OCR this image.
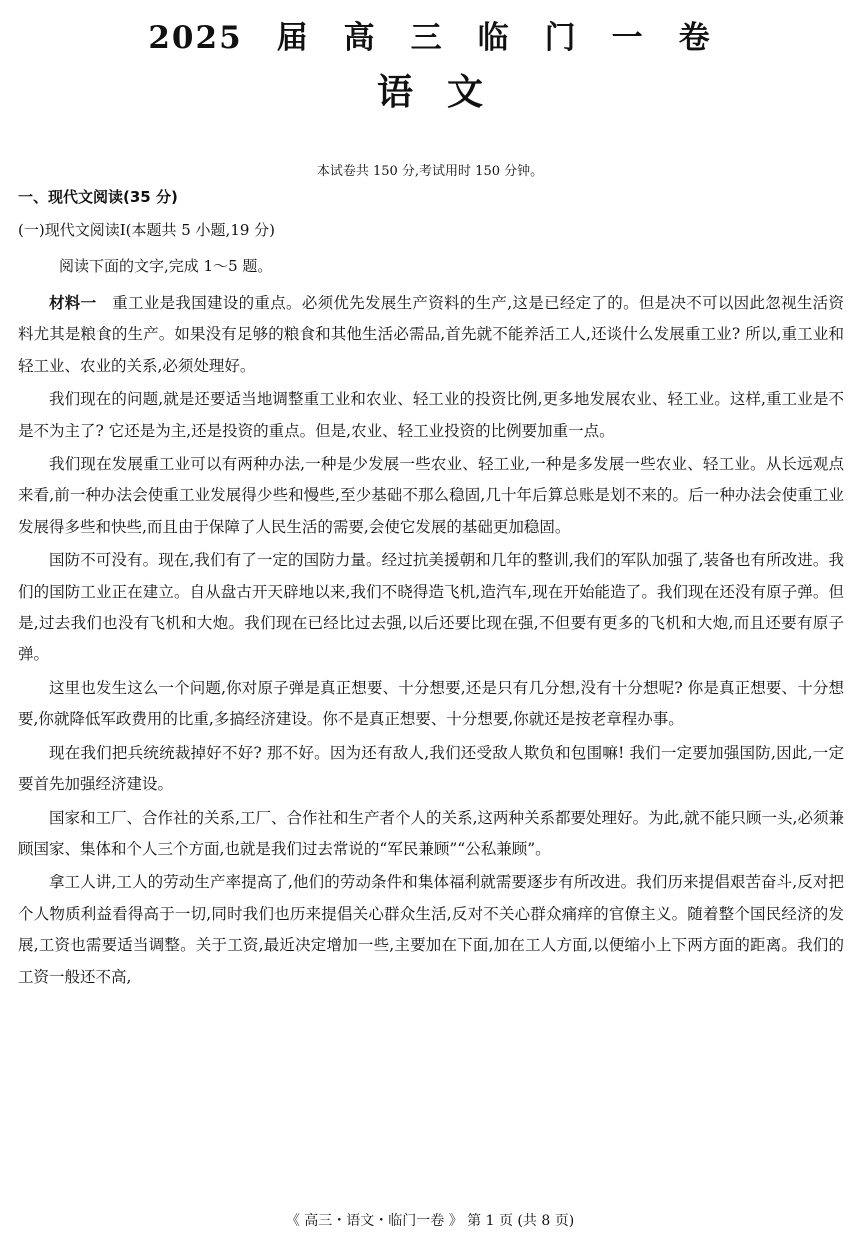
2025 届 高 三 临 门 一 卷
语 文
本试卷共 150 分,考试用时 150 分钟。
一、现代文阅读(35 分)
(一)现代文阅读Ⅰ(本题共 5 小题,19 分)
阅读下面的文字,完成 1～5 题。

材料一　 重工业是我国建设的重点。必须优先发展生产资料的生产,这是已经定了的。但是决不可以因此忽视生活资料尤其是粮食的生产。如果没有足够的粮食和其他生活必需品,首先就不能养活工人,还谈什么发展重工业? 所以,重工业和轻工业、农业的关系,必须处理好。

我们现在的问题,就是还要适当地调整重工业和农业、轻工业的投资比例,更多地发展农业、轻工业。这样,重工业是不是不为主了? 它还是为主,还是投资的重点。但是,农业、轻工业投资的比例要加重一点。

我们现在发展重工业可以有两种办法,一种是少发展一些农业、轻工业,一种是多发展一些农业、轻工业。从长远观点来看,前一种办法会使重工业发展得少些和慢些,至少基础不那么稳固,几十年后算总账是划不来的。后一种办法会使重工业发展得多些和快些,而且由于保障了人民生活的需要,会使它发展的基础更加稳固。

国防不可没有。现在,我们有了一定的国防力量。经过抗美援朝和几年的整训,我们的军队加强了,装备也有所改进。我们的国防工业正在建立。自从盘古开天辟地以来,我们不晓得造飞机,造汽车,现在开始能造了。我们现在还没有原子弹。但是,过去我们也没有飞机和大炮。我们现在已经比过去强,以后还要比现在强,不但要有更多的飞机和大炮,而且还要有原子弹。

这里也发生这么一个问题,你对原子弹是真正想要、十分想要,还是只有几分想,没有十分想呢? 你是真正想要、十分想要,你就降低军政费用的比重,多搞经济建设。你不是真正想要、十分想要,你就还是按老章程办事。

现在我们把兵统统裁掉好不好? 那不好。因为还有敌人,我们还受敌人欺负和包围嘛! 我们一定要加强国防,因此,一定要首先加强经济建设。

国家和工厂、合作社的关系,工厂、合作社和生产者个人的关系,这两种关系都要处理好。为此,就不能只顾一头,必须兼顾国家、集体和个人三个方面,也就是我们过去常说的“军民兼顾”“公私兼顾”。

拿工人讲,工人的劳动生产率提高了,他们的劳动条件和集体福利就需要逐步有所改进。我们历来提倡艰苦奋斗,反对把个人物质利益看得高于一切,同时我们也历来提倡关心群众生活,反对不关心群众痛痒的官僚主义。随着整个国民经济的发展,工资也需要适当调整。关于工资,最近决定增加一些,主要加在下面,加在工人方面,以便缩小上下两方面的距离。我们的工资一般还不高,

《 高三・语文・临门一卷 》 第 1 页 (共 8 页)
